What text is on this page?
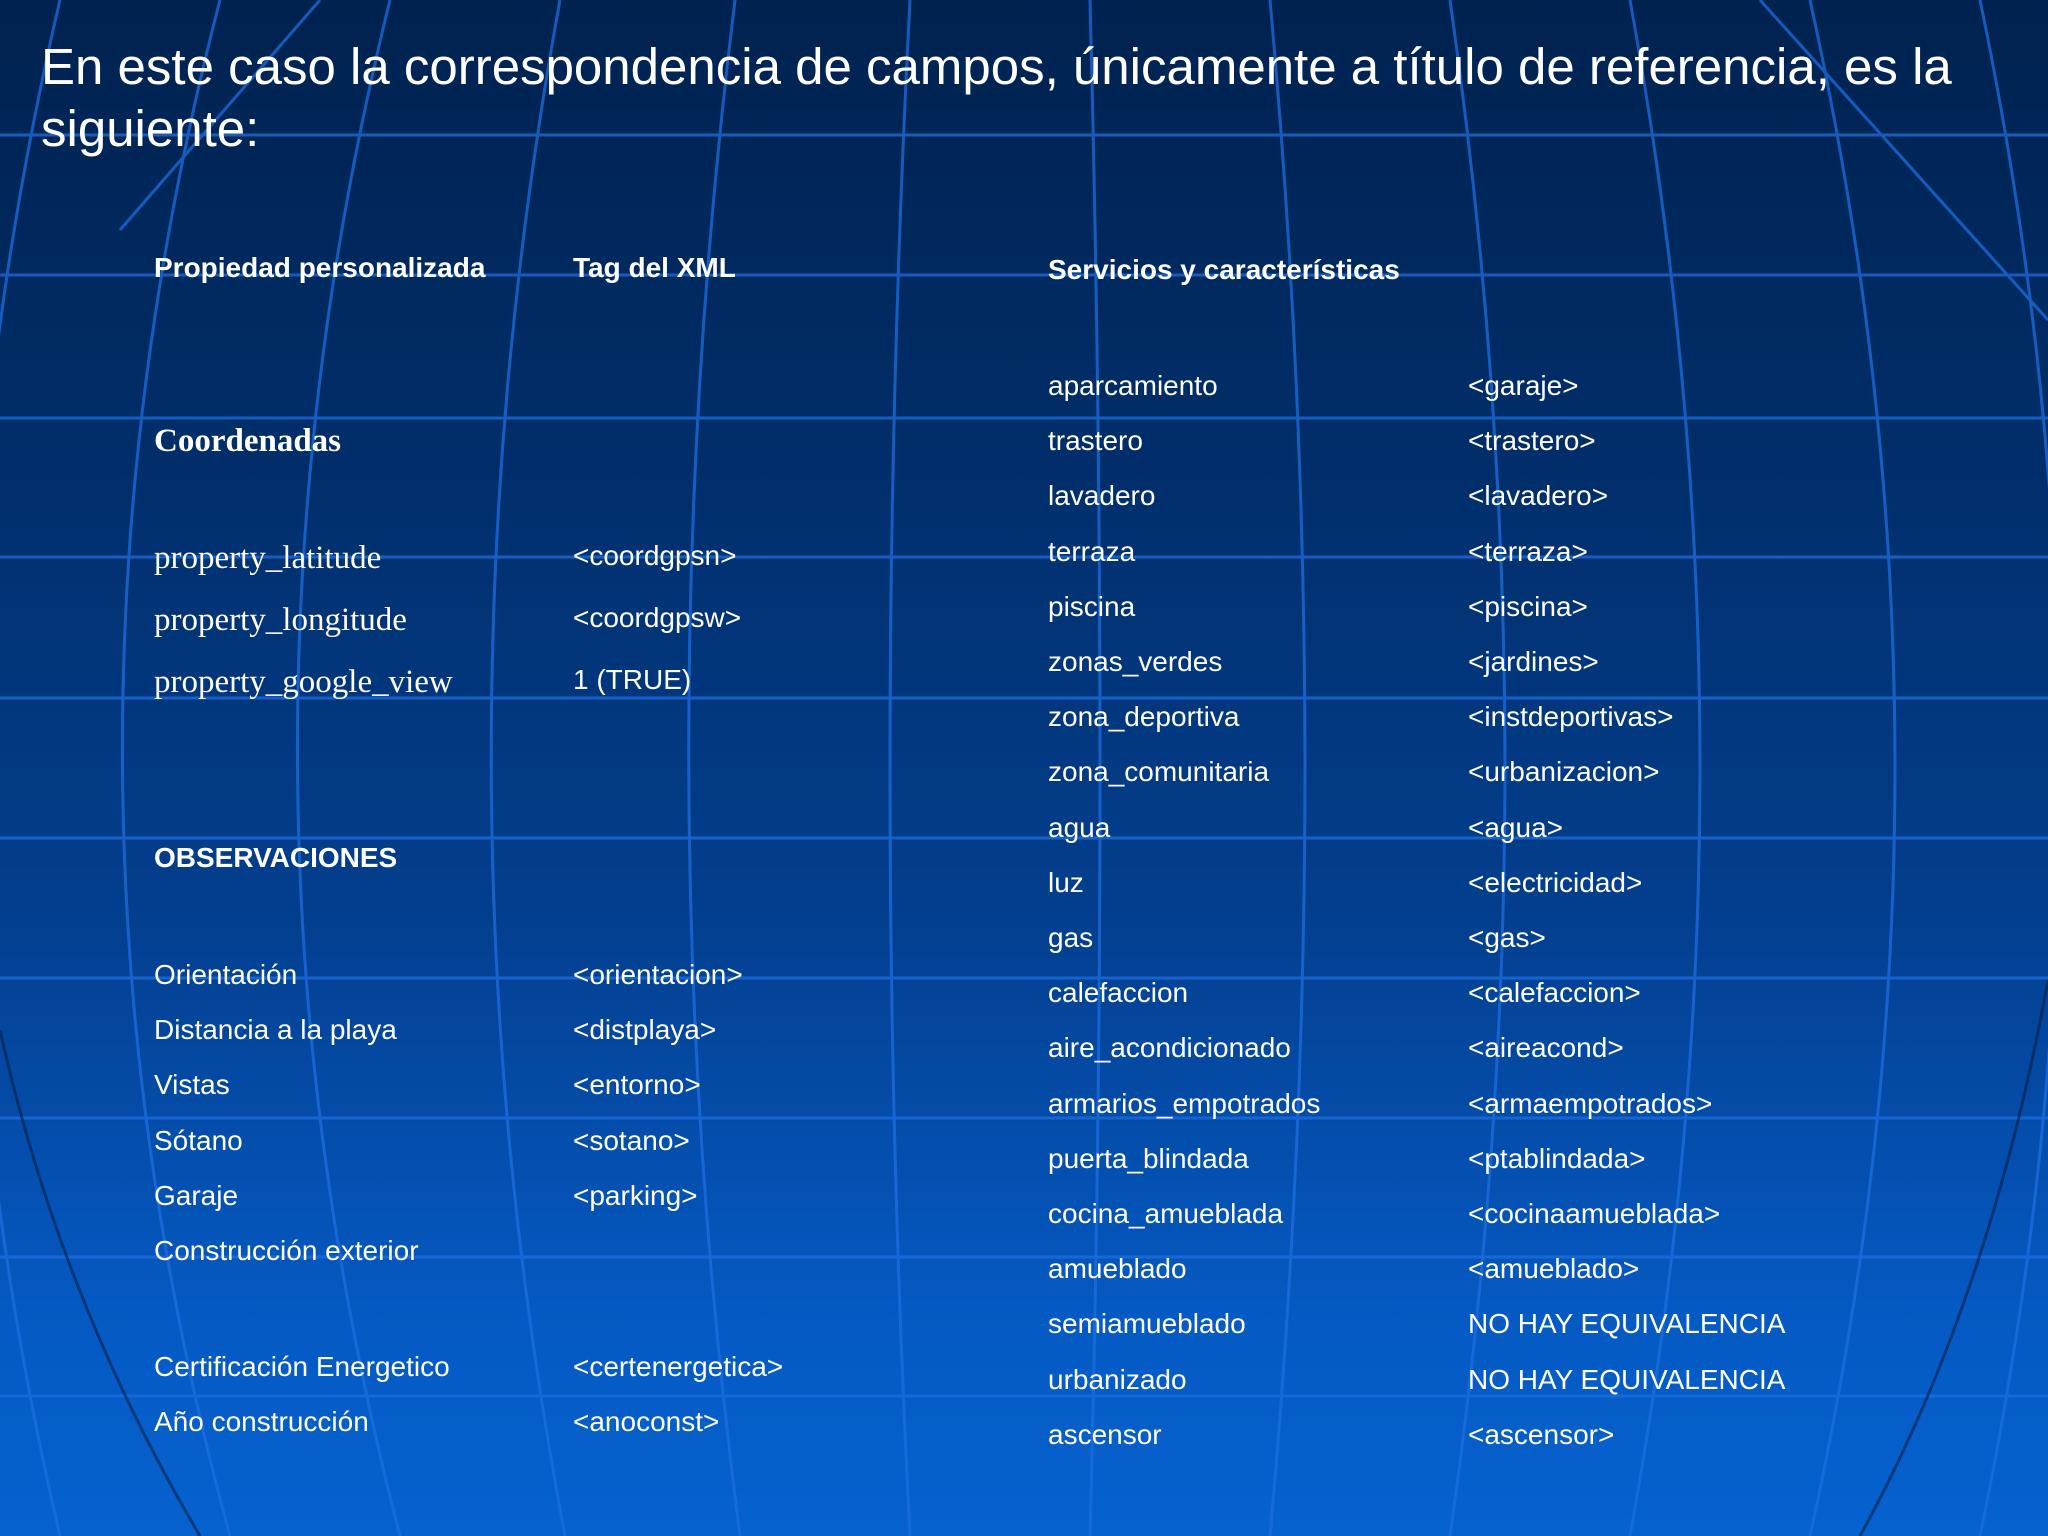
En este caso la correspondencia de campos, únicamente a título de referencia, es la siguiente:
Propiedad personalizada	Tag del XML
Coordenadas
property_latitude	<coordgpsn>
property_longitude	<coordgpsw>
property_google_view	1 (TRUE)
OBSERVACIONES
Orientación	<orientacion>
Distancia a la playa	<distplaya>
Vistas	<entorno>
Sótano	<sotano>
Garaje	<parking>
Construcción exterior
Certificación Energetico	<certenergetica>
Año construcción	<anoconst>
Servicios y características
aparcamiento	<garaje>
trastero	<trastero>
lavadero	<lavadero>
terraza	<terraza>
piscina	<piscina>
zonas_verdes	<jardines>
zona_deportiva	<instdeportivas>
zona_comunitaria	<urbanizacion>
agua	<agua>
luz	<electricidad>
gas	<gas>
calefaccion	<calefaccion>
aire_acondicionado	<aireacond>
armarios_empotrados	<armaempotrados>
puerta_blindada	<ptablindada>
cocina_amueblada	<cocinaamueblada>
amueblado	<amueblado>
semiamueblado	NO HAY EQUIVALENCIA
urbanizado	NO HAY EQUIVALENCIA
ascensor	<ascensor>
